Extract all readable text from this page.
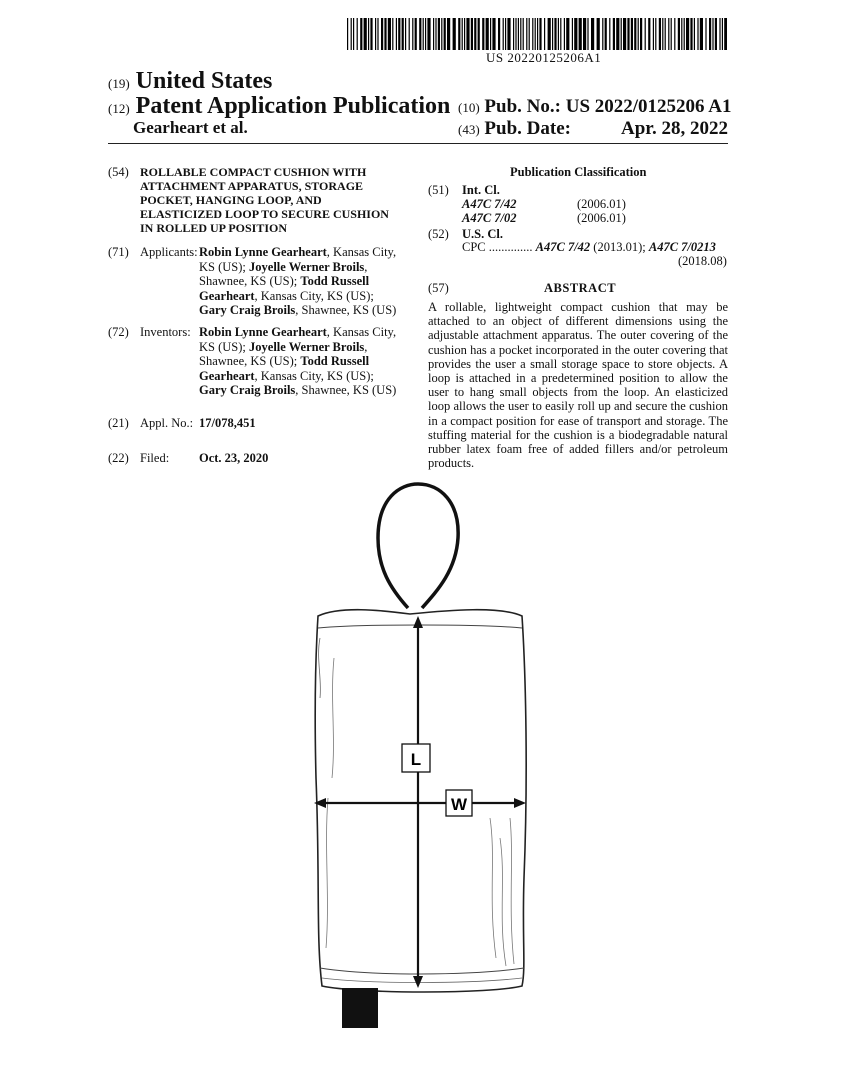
US 20220125206A1
(19) United States
(12) Patent Application Publication
Gearheart et al.
(10) Pub. No.: US 2022/0125206 A1
(43) Pub. Date:	Apr. 28, 2022
(54) ROLLABLE COMPACT CUSHION WITH
ATTACHMENT APPARATUS, STORAGE
POCKET, HANGING LOOP, AND
ELASTICIZED LOOP TO SECURE CUSHION
IN ROLLED UP POSITION
(71) Applicants: Robin Lynne Gearheart, Kansas City,
KS (US); Joyelle Werner Broils,
Shawnee, KS (US); Todd Russell
Gearheart, Kansas City, KS (US);
Gary Craig Broils, Shawnee, KS (US)
(72) Inventors: Robin Lynne Gearheart, Kansas City,
KS (US); Joyelle Werner Broils,
Shawnee, KS (US); Todd Russell
Gearheart, Kansas City, KS (US);
Gary Craig Broils, Shawnee, KS (US)
(21) Appl. No.: 17/078,451
(22) Filed: Oct. 23, 2020
Publication Classification
(51) Int. Cl.
A47C 7/42	(2006.01)
A47C 7/02	(2006.01)
(52) U.S. Cl.
CPC .............. A47C 7/42 (2013.01); A47C 7/0213
(2018.08)
(57)	ABSTRACT
A rollable, lightweight compact cushion that may be attached to an object of different dimensions using the adjustable attachment apparatus. The outer covering of the cushion has a pocket incorporated in the outer covering that provides the user a small storage space to store objects. A loop is attached in a predetermined position to allow the user to hang small objects from the loop. An elasticized loop allows the user to easily roll up and secure the cushion in a compact position for ease of transport and storage. The stuffing material for the cushion is a biodegradable natural rubber latex foam free of added fillers and/or petroleum products.
L
W
